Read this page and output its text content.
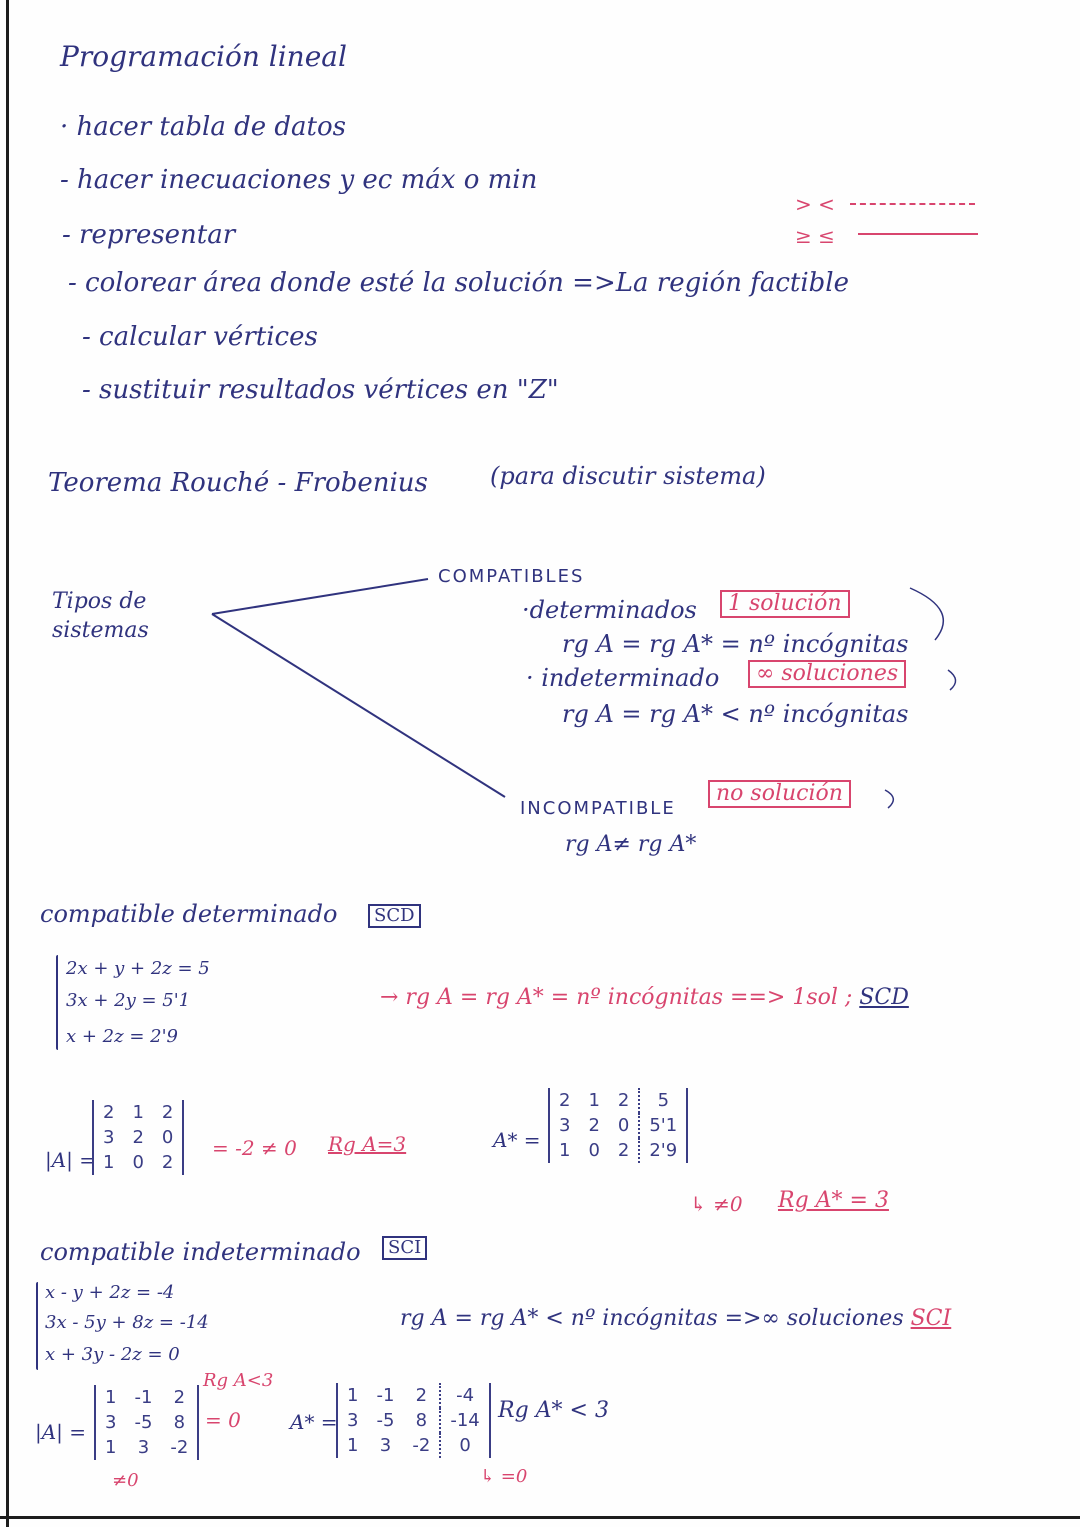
Programación lineal
· hacer tabla de datos
- hacer inecuaciones y ec máx o min
- representar
- colorear área donde esté la solución =>La región factible
- calcular vértices
- sustituir resultados vértices en "Z"
> <
≥ ≤
Teorema Rouché - Frobenius	(para discutir sistema)
Tipos de sistemas
COMPATIBLES
·determinados	1 solución
rg A = rg A* = nº incógnitas
· indeterminado	∞ soluciones
rg A = rg A* < nº incógnitas
INCOMPATIBLE
no solución
rg A≠ rg A*
compatible determinado	SCD
2x + y + 2z = 5
3x + 2y = 5'1
x + 2z = 2'9
→ rg A = rg A* = nº incógnitas ==> 1sol ; SCD
|A| =
2	1	2
3	2	0
1	0	2
= -2 ≠ 0 Rg A=3	A* =
2	1	2	5
3	2	0	5'1
1	0	2	2'9
↳ ≠0 Rg A* = 3
compatible indeterminado	SCI
x - y + 2z = -4
3x - 5y + 8z = -14
x + 3y - 2z = 0
rg A = rg A* < nº incógnitas =>∞ soluciones SCI
Rg A<3
|A| =
1	-1	2
3	-5	8
1	3	-2
= 0
≠0
A* =
1	-1	2	-4
3	-5	8	-14
1	3	-2	0
↳ =0
Rg A* < 3
